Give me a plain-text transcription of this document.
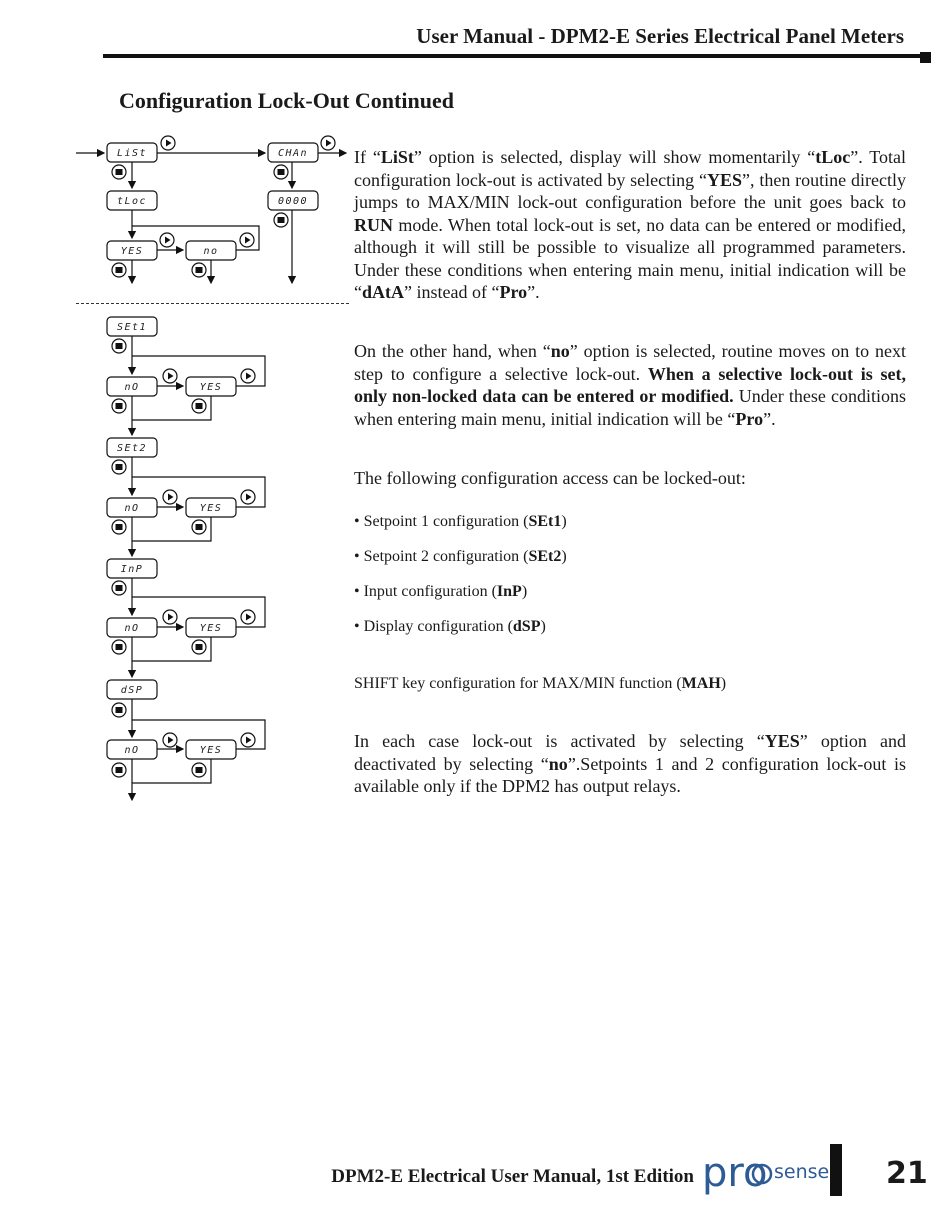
User Manual - DPM2-E Series Electrical Panel Meters
Configuration Lock-Out Continued
LiSt	CHAn
tLoc	0000
YES	no
SEt1
nO	YES
SEt2
nO	YES
InP
nO	YES
dSP
nO	YES
If “LiSt” option is selected, display will show momentarily “tLoc”. Total configuration lock-out is activated by selecting “YES”, then routine directly jumps to MAX/MIN lock-out configuration before the unit goes back to RUN mode. When total lock-out is set, no data can be entered or modified, although it will still be possible to visualize all programmed parameters. Under these conditions when entering main menu, initial indication will be “dAtA” instead of “Pro”.
On the other hand, when “no” option is selected, routine moves on to next step to configure a selective lock-out. When a selective lock-out is set, only non-locked data can be entered or modified. Under these conditions when entering main menu, initial indication will be “Pro”.
The following configuration access can be locked-out:
• Setpoint 1 configuration (SEt1)
• Setpoint 2 configuration (SEt2)
• Input configuration (InP)
• Display configuration (dSP)
SHIFT key configuration for MAX/MIN function (MAH)
In each case lock-out is activated by selecting “YES” option and deactivated by selecting “no”.Setpoints 1 and 2 configuration lock-out is available only if the DPM2 has output relays.
DPM2-E Electrical User Manual, 1st Edition pro sense 21
